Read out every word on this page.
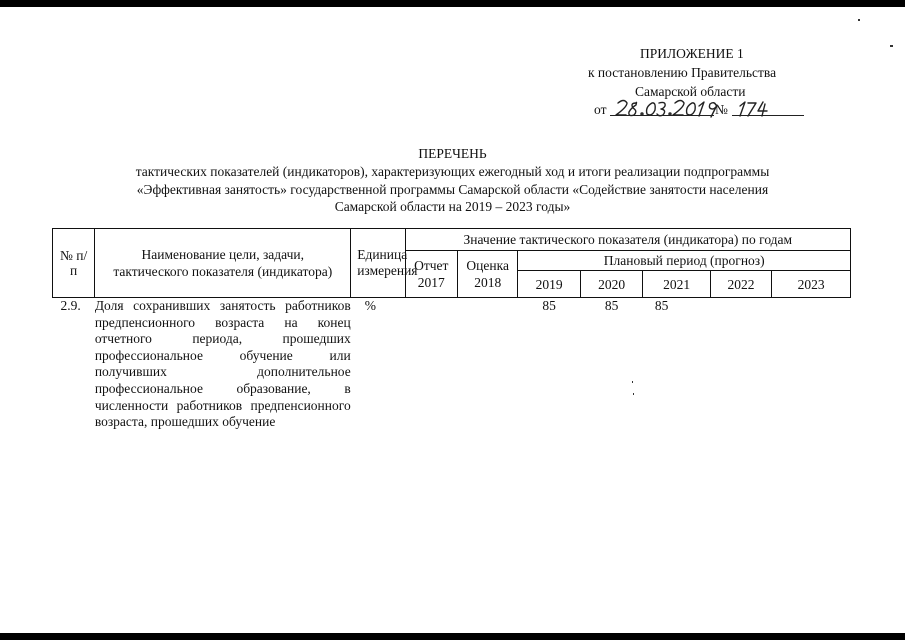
ПРИЛОЖЕНИЕ 1
к постановлению Правительства
Самарской области
от	№
ПЕРЕЧЕНЬ
тактических показателей (индикаторов), характеризующих ежегодный ход и итоги реализации подпрограммы
«Эффективная занятость» государственной программы Самарской области «Содействие занятости населения
Самарской области на 2019 – 2023 годы»
№ п/п	Наименование цели, задачи, тактического показателя (индикатора)	Единица измерения	Значение тактического показателя (индикатора) по годам						
			Отчет 2017	Оценка 2018	Плановый период (прогноз)				
					2019	2020	2021	2022	2023
2.9.	Доля сохранивших занятость работников предпенсионного возраста на конец отчетного периода, прошедших профессиональное обучение или получивших дополнительное профессиональное образование, в численности работников предпенсионного возраста, прошедших обучение	%			85	85	85		
